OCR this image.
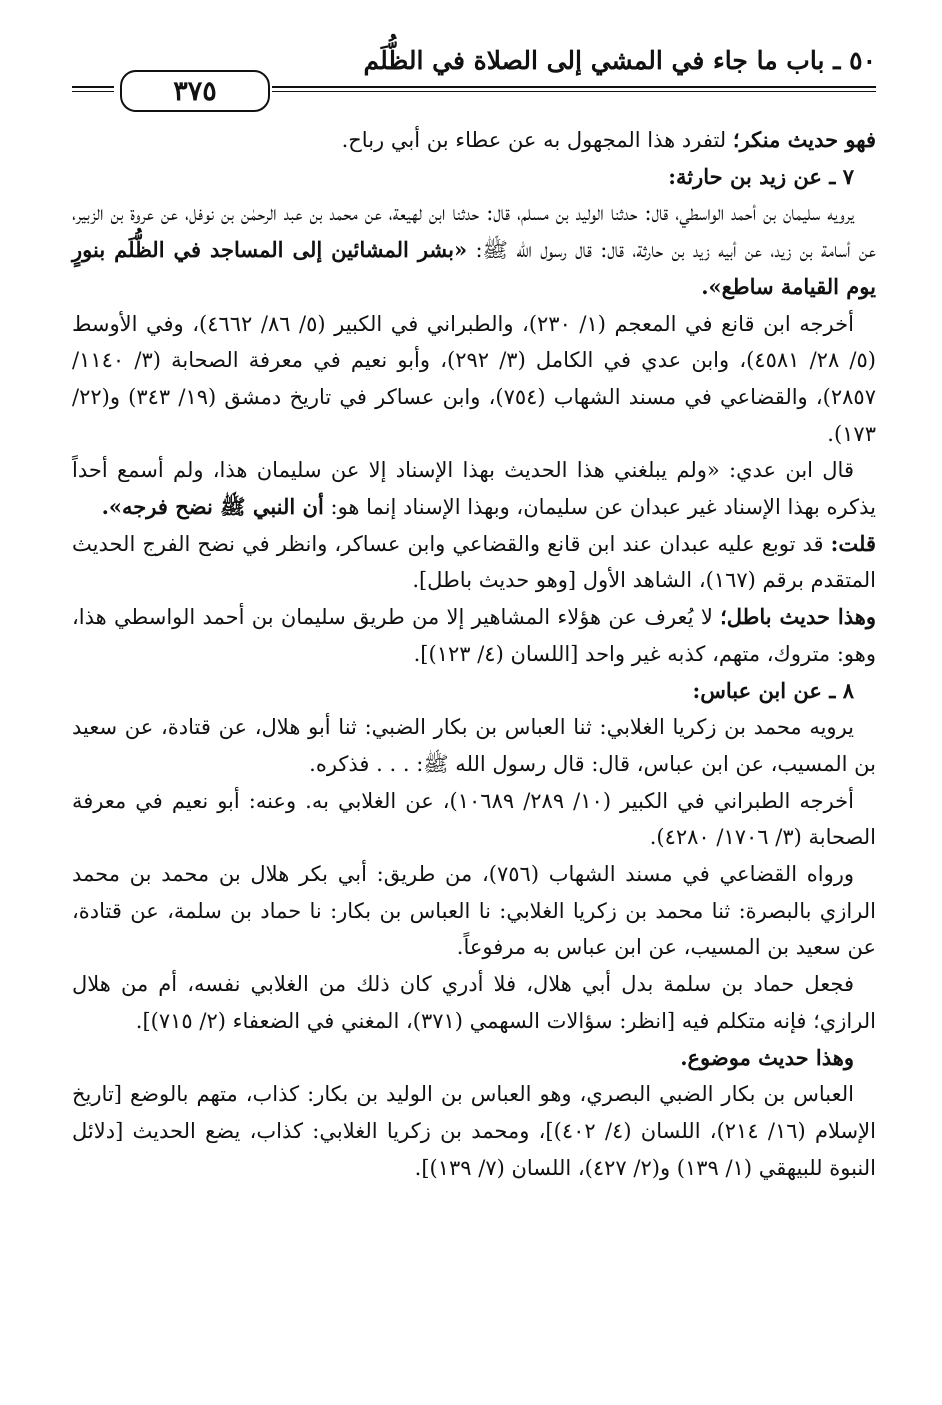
٥٠ ـ باب ما جاء في المشي إلى الصلاة في الظُّلَم
٣٧٥

فهو حديث منكر؛ لتفرد هذا المجهول به عن عطاء بن أبي رباح.

٧ ـ عن زيد بن حارثة:

يرويه سليمان بن أحمد الواسطي، قال: حدثنا الوليد بن مسلم، قال: حدثنا ابن لهيعة، عن محمد بن عبد الرحمٰن بن نوفل، عن عروة بن الزبير، عن أسامة بن زيد، عن أبيه زيد بن حارثة، قال: قال رسول الله ﷺ: «بشر المشائين إلى المساجد في الظُّلَم بنورٍ يوم القيامة ساطع».

أخرجه ابن قانع في المعجم (١/ ٢٣٠)، والطبراني في الكبير (٥/ ٨٦/ ٤٦٦٢)، وفي الأوسط (٥/ ٢٨/ ٤٥٨١)، وابن عدي في الكامل (٣/ ٢٩٢)، وأبو نعيم في معرفة الصحابة (٣/ ١١٤٠/ ٢٨٥٧)، والقضاعي في مسند الشهاب (٧٥٤)، وابن عساكر في تاريخ دمشق (١٩/ ٣٤٣) و(٢٢/ ١٧٣).

قال ابن عدي: «ولم يبلغني هذا الحديث بهذا الإسناد إلا عن سليمان هذا، ولم أسمع أحداً يذكره بهذا الإسناد غير عبدان عن سليمان، وبهذا الإسناد إنما هو: أن النبي ﷺ نضح فرجه».

قلت: قد توبع عليه عبدان عند ابن قانع والقضاعي وابن عساكر، وانظر في نضح الفرج الحديث المتقدم برقم (١٦٧)، الشاهد الأول [وهو حديث باطل].

وهذا حديث باطل؛ لا يُعرف عن هؤلاء المشاهير إلا من طريق سليمان بن أحمد الواسطي هذا، وهو: متروك، متهم، كذبه غير واحد [اللسان (٤/ ١٢٣)].

٨ ـ عن ابن عباس:

يرويه محمد بن زكريا الغلابي: ثنا العباس بن بكار الضبي: ثنا أبو هلال، عن قتادة، عن سعيد بن المسيب، عن ابن عباس، قال: قال رسول الله ﷺ: . . . فذكره.

أخرجه الطبراني في الكبير (١٠/ ٢٨٩/ ١٠٦٨٩)، عن الغلابي به. وعنه: أبو نعيم في معرفة الصحابة (٣/ ١٧٠٦/ ٤٢٨٠).

ورواه القضاعي في مسند الشهاب (٧٥٦)، من طريق: أبي بكر هلال بن محمد بن محمد الرازي بالبصرة: ثنا محمد بن زكريا الغلابي: نا العباس بن بكار: نا حماد بن سلمة، عن قتادة، عن سعيد بن المسيب، عن ابن عباس به مرفوعاً.

فجعل حماد بن سلمة بدل أبي هلال، فلا أدري كان ذلك من الغلابي نفسه، أم من هلال الرازي؛ فإنه متكلم فيه [انظر: سؤالات السهمي (٣٧١)، المغني في الضعفاء (٢/ ٧١٥)].

وهذا حديث موضوع.

العباس بن بكار الضبي البصري، وهو العباس بن الوليد بن بكار: كذاب، متهم بالوضع [تاريخ الإسلام (١٦/ ٢١٤)، اللسان (٤/ ٤٠٢)]، ومحمد بن زكريا الغلابي: كذاب، يضع الحديث [دلائل النبوة للبيهقي (١/ ١٣٩) و(٢/ ٤٢٧)، اللسان (٧/ ١٣٩)].
